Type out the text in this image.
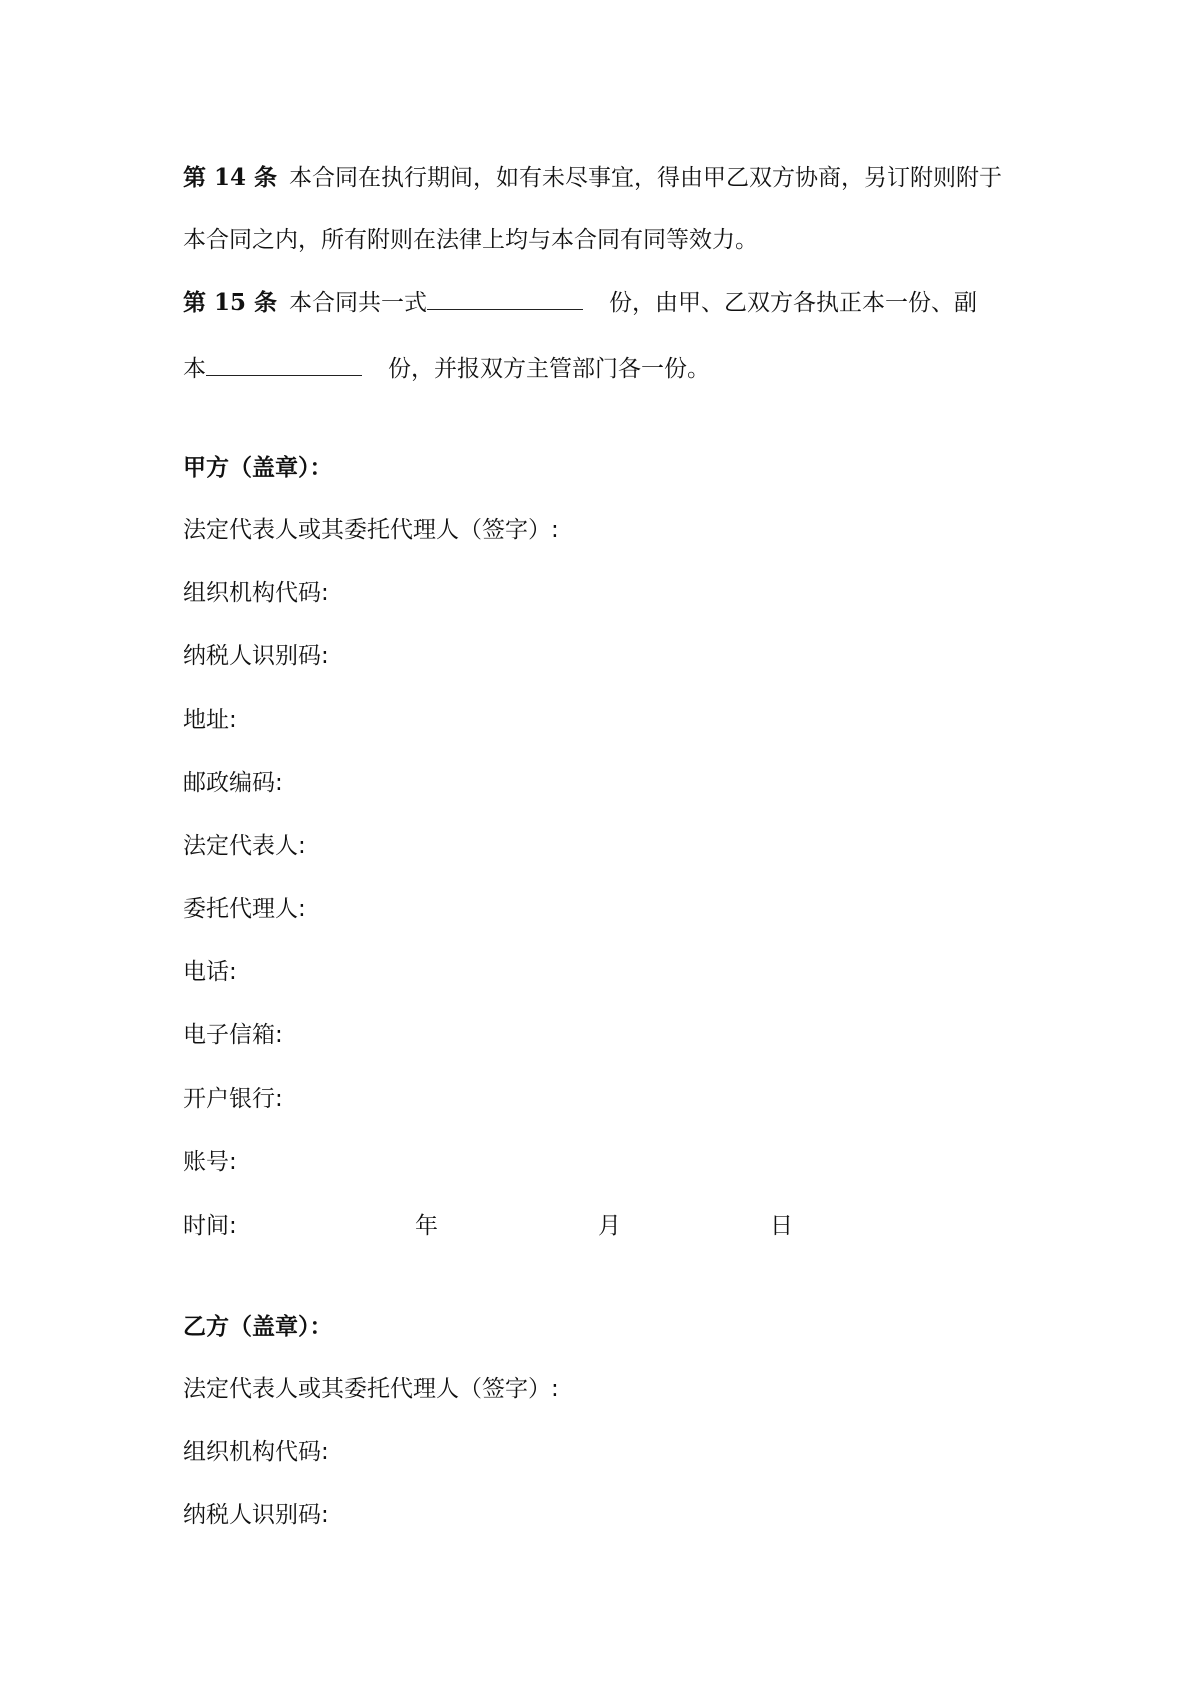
第 14 条 本合同在执行期间，如有未尽事宜，得由甲乙双方协商，另订附则附于
本合同之内，所有附则在法律上均与本合同有同等效力。
第 15 条 本合同共一式	份，由甲、乙双方各执正本一份、副
本	份，并报双方主管部门各一份。
甲方（盖章）：
法定代表人或其委托代理人（签字）:
组织机构代码:
纳税人识别码:
地址:
邮政编码:
法定代表人:
委托代理人:
电话:
电子信箱:
开户银行:
账号:
时间:	年	月	日
乙方（盖章）：
法定代表人或其委托代理人（签字）:
组织机构代码:
纳税人识别码:
